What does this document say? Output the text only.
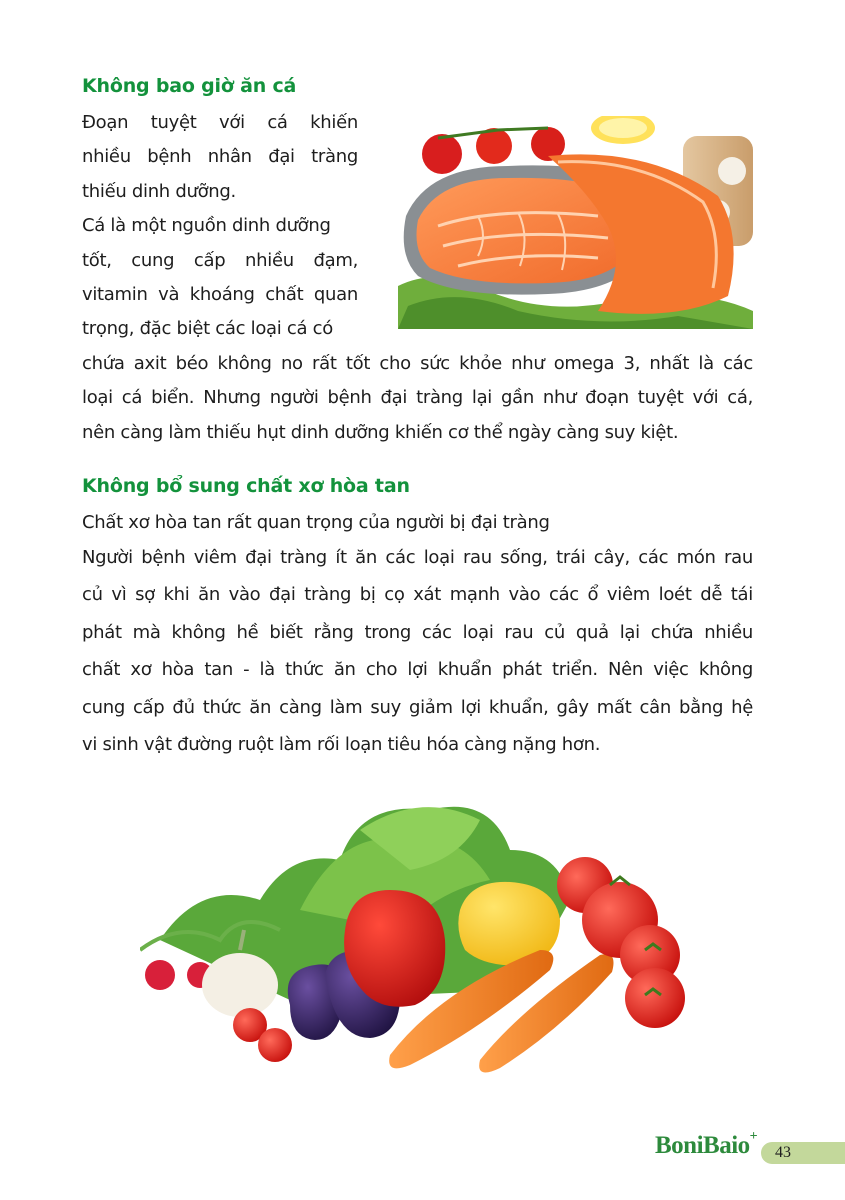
Không bao giờ ăn cá

Đoạn tuyệt với cá khiến

nhiều bệnh nhân đại tràng

thiếu dinh dưỡng.

Cá là một nguồn dinh dưỡng

tốt, cung cấp nhiều đạm,

vitamin và khoáng chất quan

trọng, đặc biệt các loại cá có

chứa axit béo không no rất tốt cho sức khỏe như omega 3, nhất là các

loại cá biển. Nhưng người bệnh đại tràng lại gần như đoạn tuyệt với cá,

nên càng làm thiếu hụt dinh dưỡng khiến cơ thể ngày càng suy kiệt.

Không bổ sung chất xơ hòa tan

Chất xơ hòa tan rất quan trọng của người bị đại tràng

Người bệnh viêm đại tràng ít ăn các loại rau sống, trái cây, các món rau

củ vì sợ khi ăn vào đại tràng bị cọ xát mạnh vào các ổ viêm loét dễ tái

phát mà không hề biết rằng trong các loại rau củ quả lại chứa nhiều

chất xơ hòa tan - là thức ăn cho lợi khuẩn phát triển. Nên việc không

cung cấp đủ thức ăn càng làm suy giảm lợi khuẩn, gây mất cân bằng hệ

vi sinh vật đường ruột làm rối loạn tiêu hóa càng nặng hơn.

BoniBaio+
43
